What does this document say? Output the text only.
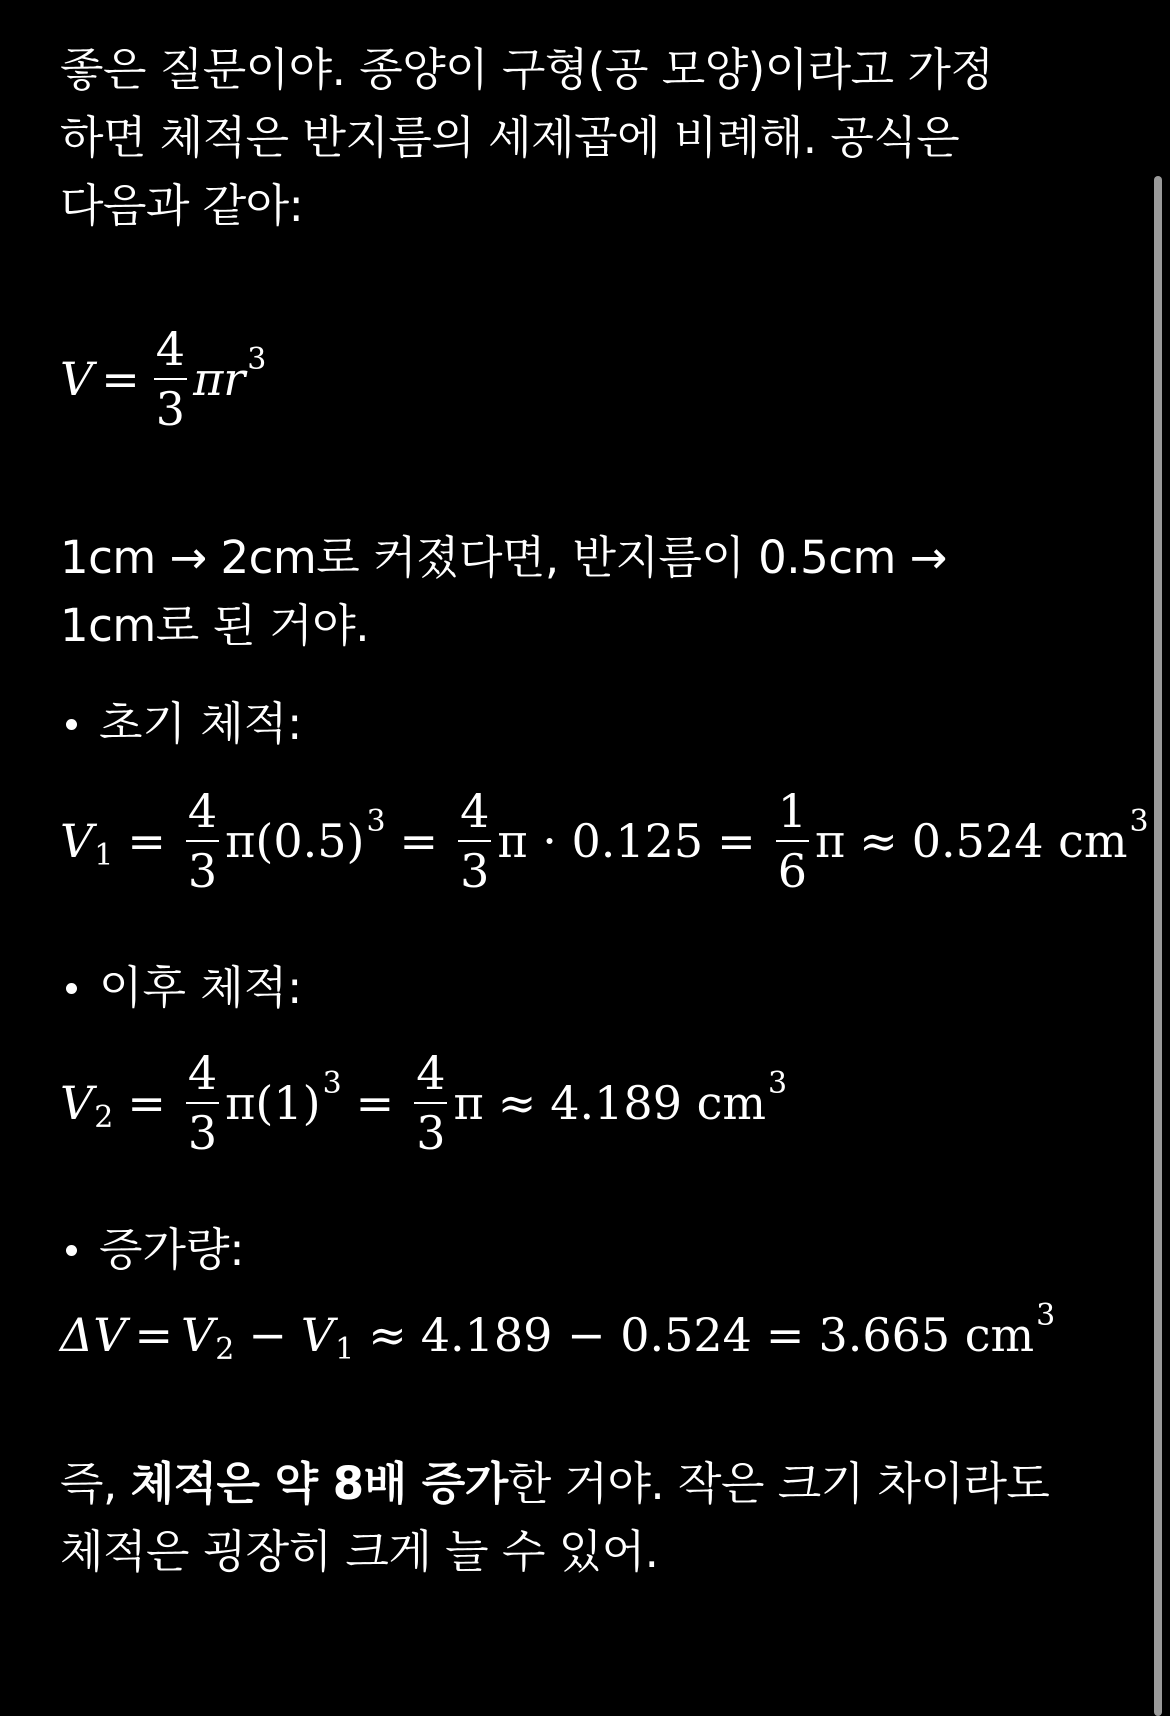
좋은 질문이야. 종양이 구형(공 모양)이라고 가정
하면 체적은 반지름의 세제곱에 비례해. 공식은
다음과 같아:

$V = \frac{4}{3}$ πr 3

1cm → 2cm로 커졌다면, 반지름이 0.5cm →
1cm로 된 거야.

초기 체적:
V $1 = \frac{4}{3} \pi(0.5) 3 = \frac{4}{3}$ $\pi \cdot 0.125 = \frac{1}{6}$ π ≈ 0.524 cm 3
이후 체적:
V $2 = \frac{4}{3} \pi(1) 3 = \frac{4}{3}$ π ≈ 4.189 cm 3
증가량:
ΔV = V 2 − V 1 ≈ 4.189 − 0.524 = 3.665 cm 3

즉, 체적은 약 8배 증가한 거야. 작은 크기 차이라도
체적은 굉장히 크게 늘 수 있어.
